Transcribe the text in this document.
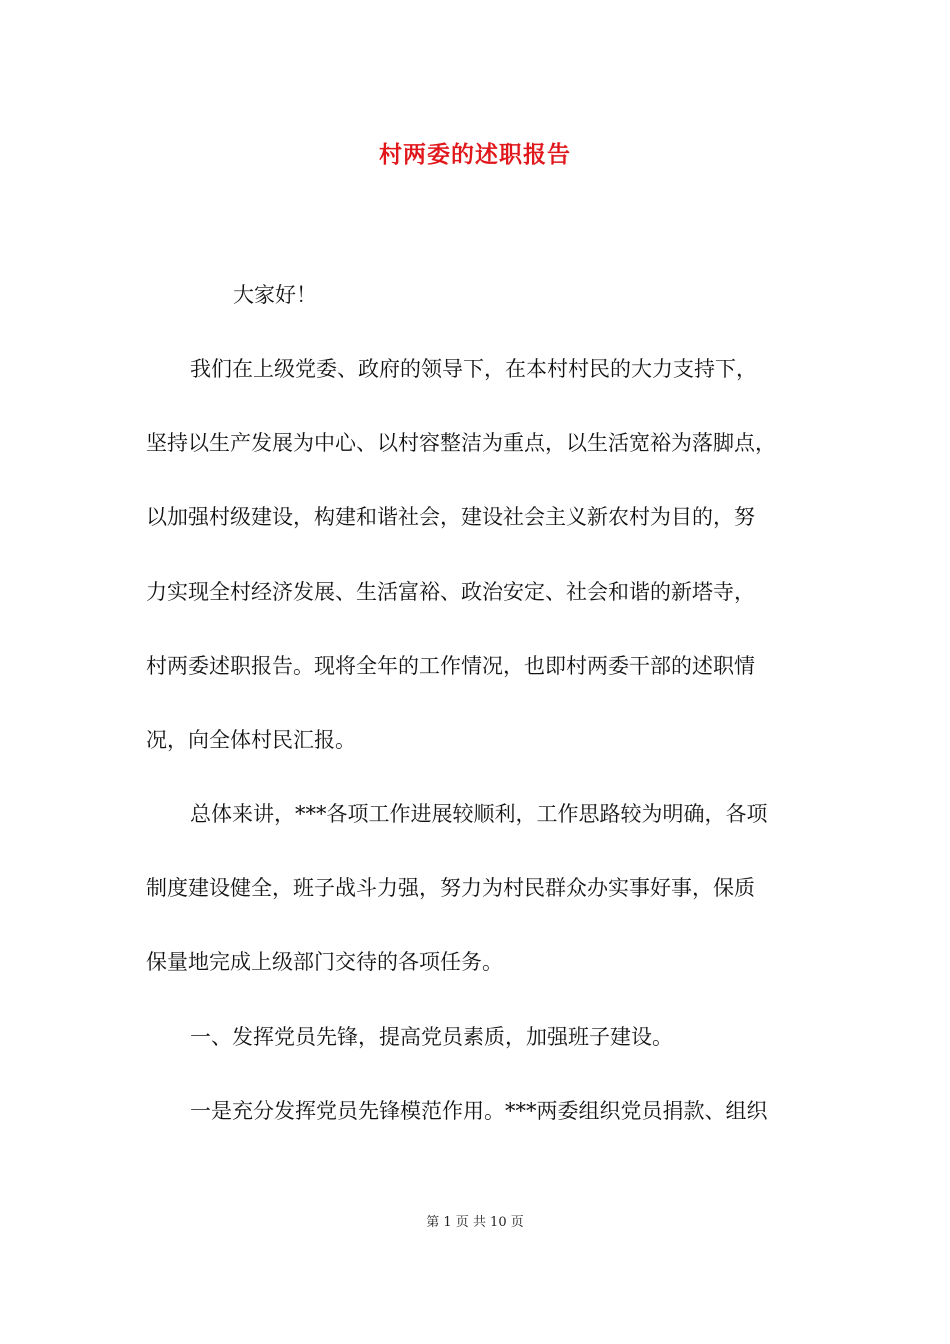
村两委的述职报告

大家好！

我们在上级党委、政府的领导下，在本村村民的大力支持下，

坚持以生产发展为中心、以村容整洁为重点，以生活宽裕为落脚点，

以加强村级建设，构建和谐社会，建设社会主义新农村为目的，努

力实现全村经济发展、生活富裕、政治安定、社会和谐的新塔寺，

村两委述职报告。现将全年的工作情况，也即村两委干部的述职情

况，向全体村民汇报。

总体来讲，***各项工作进展较顺利，工作思路较为明确，各项

制度建设健全，班子战斗力强，努力为村民群众办实事好事，保质

保量地完成上级部门交待的各项任务。

一、发挥党员先锋，提高党员素质，加强班子建设。

一是充分发挥党员先锋模范作用。***两委组织党员捐款、组织

第 1 页 共 10 页
